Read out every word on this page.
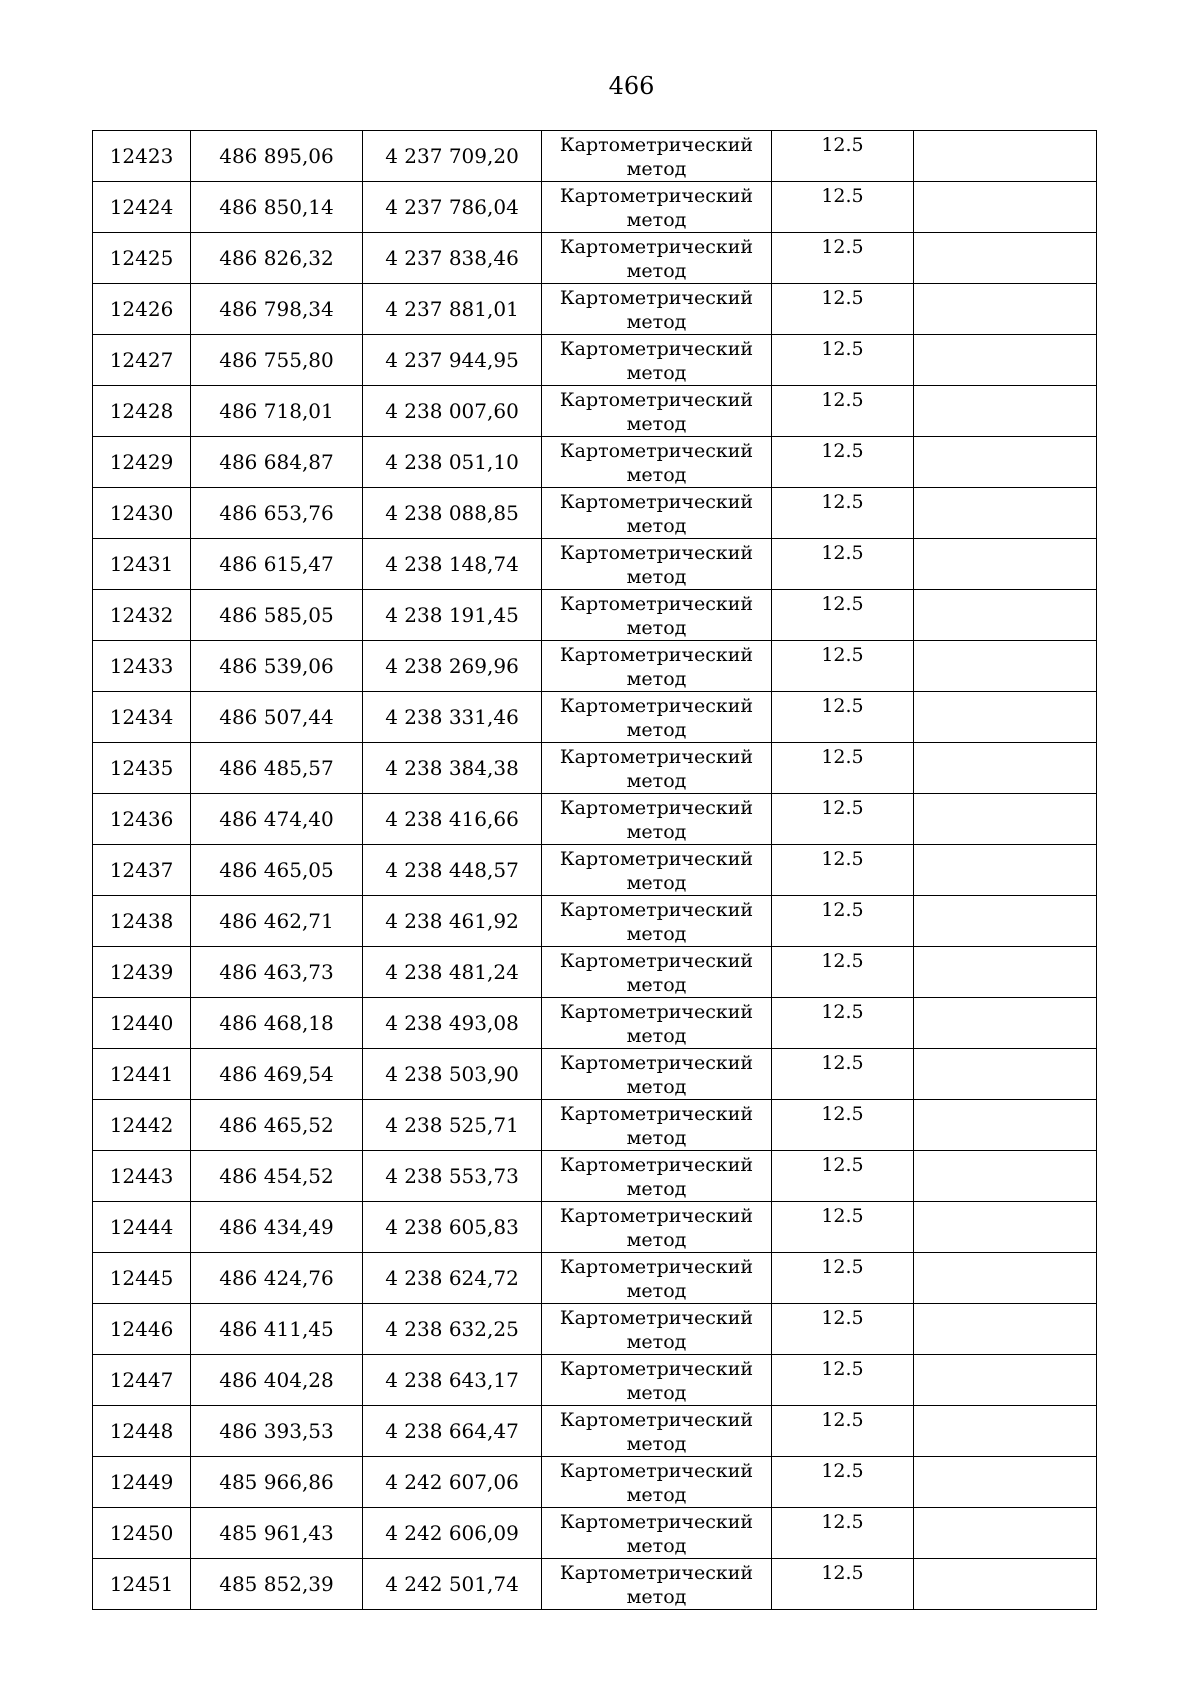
466
12423	486 895,06	4 237 709,20	Картометрический
метод	12.5	
12424	486 850,14	4 237 786,04	Картометрический
метод	12.5	
12425	486 826,32	4 237 838,46	Картометрический
метод	12.5	
12426	486 798,34	4 237 881,01	Картометрический
метод	12.5	
12427	486 755,80	4 237 944,95	Картометрический
метод	12.5	
12428	486 718,01	4 238 007,60	Картометрический
метод	12.5	
12429	486 684,87	4 238 051,10	Картометрический
метод	12.5	
12430	486 653,76	4 238 088,85	Картометрический
метод	12.5	
12431	486 615,47	4 238 148,74	Картометрический
метод	12.5	
12432	486 585,05	4 238 191,45	Картометрический
метод	12.5	
12433	486 539,06	4 238 269,96	Картометрический
метод	12.5	
12434	486 507,44	4 238 331,46	Картометрический
метод	12.5	
12435	486 485,57	4 238 384,38	Картометрический
метод	12.5	
12436	486 474,40	4 238 416,66	Картометрический
метод	12.5	
12437	486 465,05	4 238 448,57	Картометрический
метод	12.5	
12438	486 462,71	4 238 461,92	Картометрический
метод	12.5	
12439	486 463,73	4 238 481,24	Картометрический
метод	12.5	
12440	486 468,18	4 238 493,08	Картометрический
метод	12.5	
12441	486 469,54	4 238 503,90	Картометрический
метод	12.5	
12442	486 465,52	4 238 525,71	Картометрический
метод	12.5	
12443	486 454,52	4 238 553,73	Картометрический
метод	12.5	
12444	486 434,49	4 238 605,83	Картометрический
метод	12.5	
12445	486 424,76	4 238 624,72	Картометрический
метод	12.5	
12446	486 411,45	4 238 632,25	Картометрический
метод	12.5	
12447	486 404,28	4 238 643,17	Картометрический
метод	12.5	
12448	486 393,53	4 238 664,47	Картометрический
метод	12.5	
12449	485 966,86	4 242 607,06	Картометрический
метод	12.5	
12450	485 961,43	4 242 606,09	Картометрический
метод	12.5	
12451	485 852,39	4 242 501,74	Картометрический
метод	12.5	
